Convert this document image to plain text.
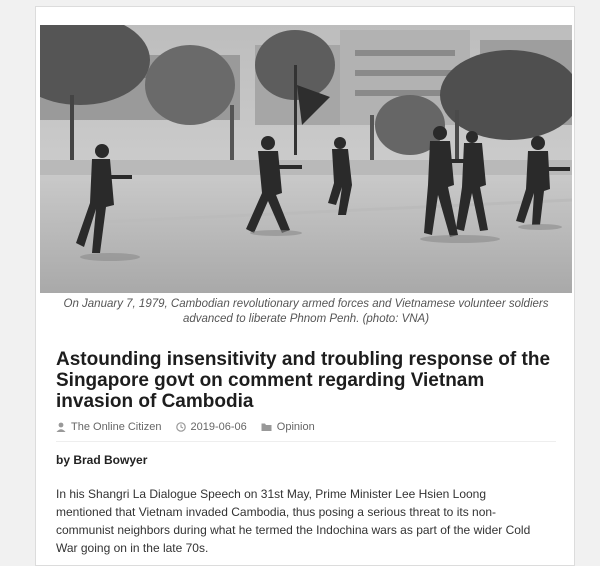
On January 7, 1979, Cambodian revolutionary armed forces and Vietnamese volunteer soldiers advanced to liberate Phnom Penh. (photo: VNA)
Astounding insensitivity and troubling response of the Singapore govt on comment regarding Vietnam invasion of Cambodia
The Online Citizen	2019-06-06	Opinion
by Brad Bowyer

In his Shangri La Dialogue Speech on 31st May, Prime Minister Lee Hsien Loong mentioned that Vietnam invaded Cambodia, thus posing a serious threat to its non-communist neighbors during what he termed the Indochina wars as part of the wider Cold War going on in the late 70s.
